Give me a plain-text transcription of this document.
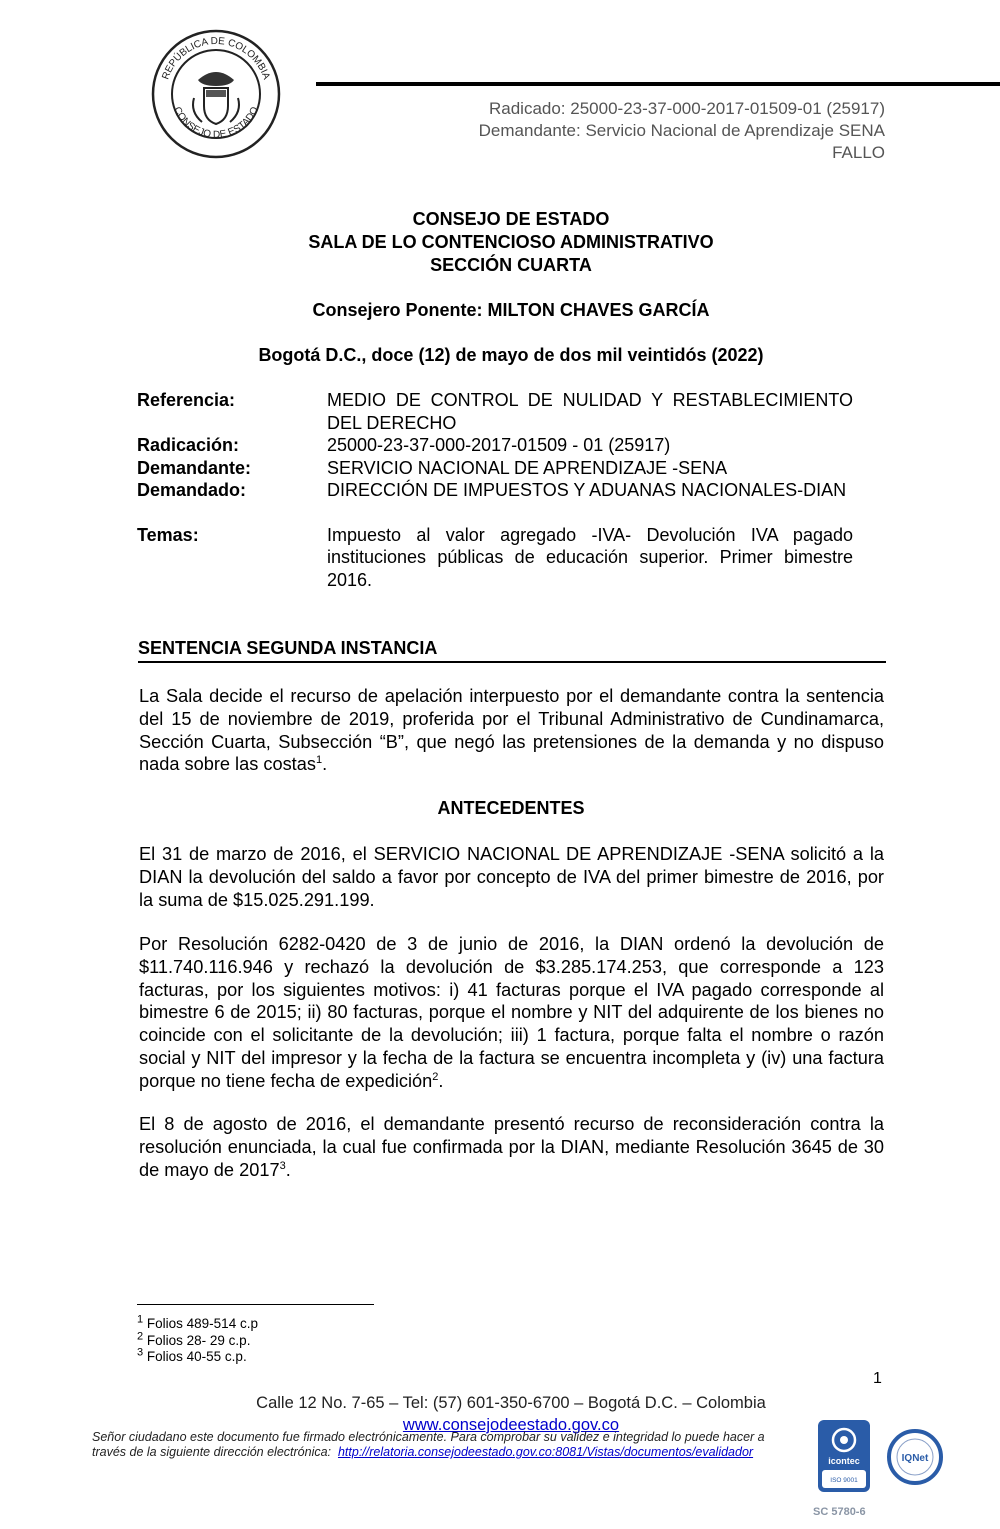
REPÚBLICA DE COLOMBIA
CONSEJO DE ESTADO	Radicado: 25000-23-37-000-2017-01509-01 (25917)
Demandante: Servicio Nacional de Aprendizaje SENA
FALLO
CONSEJO DE ESTADO
SALA DE LO CONTENCIOSO ADMINISTRATIVO
SECCIÓN CUARTA
Consejero Ponente: MILTON CHAVES GARCÍA
Bogotá D.C., doce (12) de mayo de dos mil veintidós (2022)
Referencia:	MEDIO DE CONTROL DE NULIDAD Y RESTABLECIMIENTO DEL DERECHO
Radicación:	25000-23-37-000-2017-01509 - 01 (25917)
Demandante:	SERVICIO NACIONAL DE APRENDIZAJE -SENA
Demandado:	DIRECCIÓN DE IMPUESTOS Y ADUANAS NACIONALES-DIAN
Temas:	Impuesto al valor agregado -IVA- Devolución IVA pagado instituciones públicas de educación superior. Primer bimestre 2016.
SENTENCIA SEGUNDA INSTANCIA
La Sala decide el recurso de apelación interpuesto por el demandante contra la sentencia del 15 de noviembre de 2019, proferida por el Tribunal Administrativo de Cundinamarca, Sección Cuarta, Subsección “B”, que negó las pretensiones de la demanda y no dispuso nada sobre las costas$^1$.
ANTECEDENTES
El 31 de marzo de 2016, el SERVICIO NACIONAL DE APRENDIZAJE -SENA solicitó a la DIAN la devolución del saldo a favor por concepto de IVA del primer bimestre de 2016, por la suma de $15.025.291.199.
Por Resolución 6282-0420 de 3 de junio de 2016, la DIAN ordenó la devolución de $11.740.116.946 y rechazó la devolución de $3.285.174.253, que corresponde a 123 facturas, por los siguientes motivos: i) 41 facturas porque el IVA pagado corresponde al bimestre 6 de 2015; ii) 80 facturas, porque el nombre y NIT del adquirente de los bienes no coincide con el solicitante de la devolución; iii) 1 factura, porque falta el nombre o razón social y NIT del impresor y la fecha de la factura se encuentra incompleta y (iv) una factura porque no tiene fecha de expedición$^2$.
El 8 de agosto de 2016, el demandante presentó recurso de reconsideración contra la resolución enunciada, la cual fue confirmada por la DIAN, mediante Resolución 3645 de 30 de mayo de 2017$^3$.
$^1$ Folios 489-514 c.p
$^2$ Folios 28- 29 c.p.
$^3$ Folios 40-55 c.p.
1
Calle 12 No. 7-65 – Tel: (57) 601-350-6700 – Bogotá D.C. – Colombia
www.consejodeestado.gov.co
Señor ciudadano este documento fue firmado electrónicamente. Para comprobar su validez e integridad lo puede hacer a través de la siguiente dirección electrónica: http://relatoria.consejodeestado.gov.co:8081/Vistas/documentos/evalidador
icontec
ISO 9001
IQNet
SC 5780-6
